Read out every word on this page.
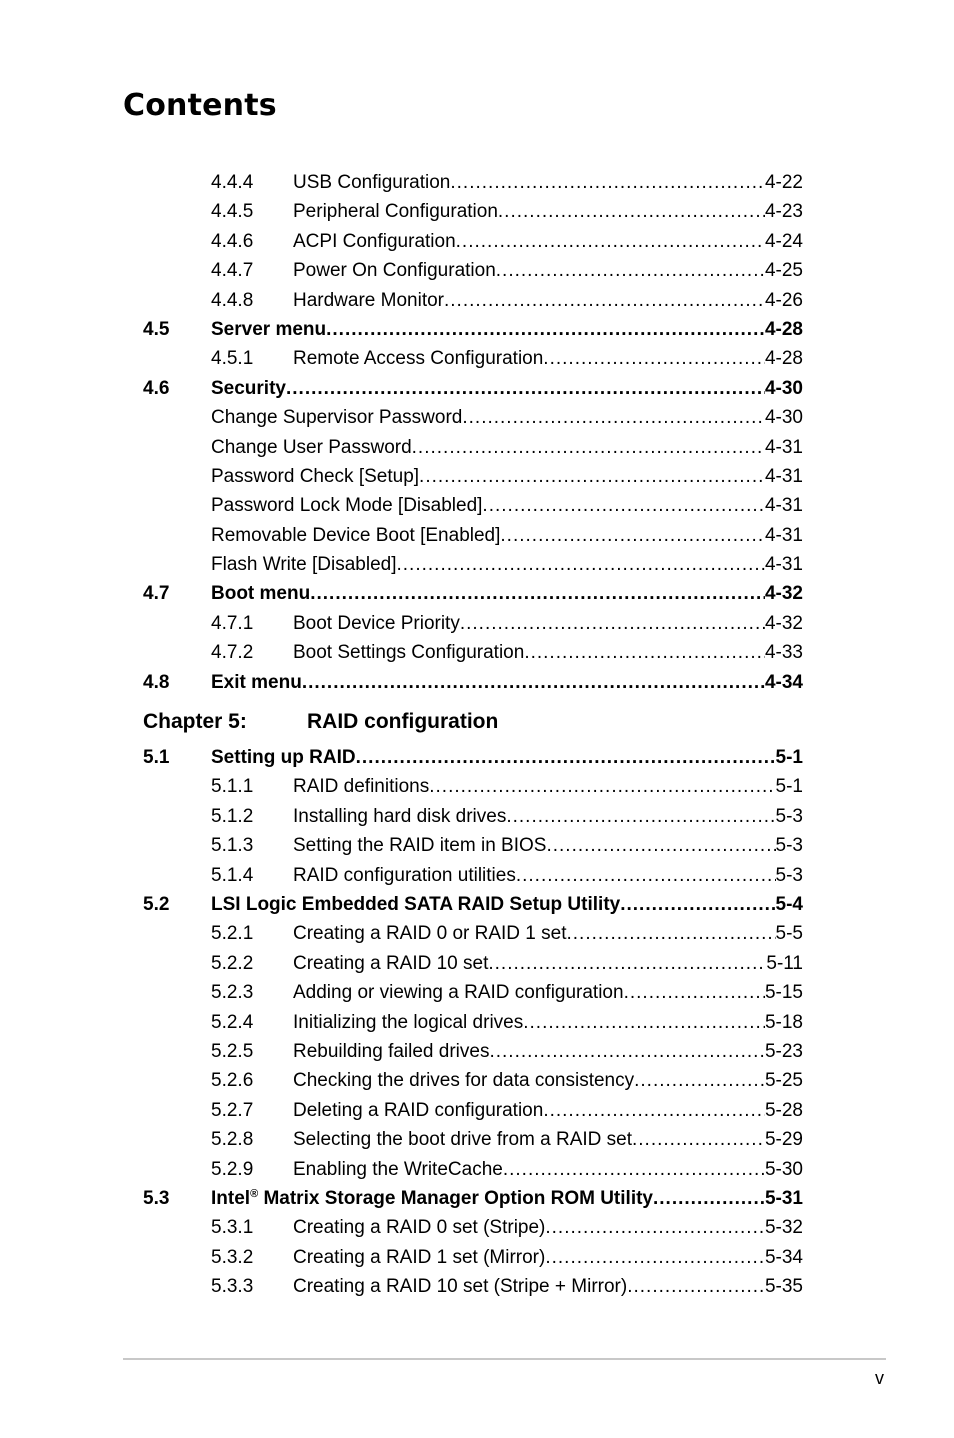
Contents
4.4.4 USB Configuration .....	4-22
4.4.5 Peripheral Configuration .....	4-23
4.4.6 ACPI Configuration .....	4-24
4.4.7 Power On Configuration .....	4-25
4.4.8 Hardware Monitor .....	4-26
4.5 Server menu .....	4-28
4.5.1 Remote Access Configuration .....	4-28
4.6 Security .....	4-30
Change Supervisor Password .....	4-30
Change User Password .....	4-31
Password Check [Setup] .....	4-31
Password Lock Mode [Disabled] .....	4-31
Removable Device Boot [Enabled] .....	4-31
Flash Write [Disabled] .....	4-31
4.7 Boot menu .....	4-32
4.7.1 Boot Device Priority .....	4-32
4.7.2 Boot Settings Configuration .....	4-33
4.8 Exit menu .....	4-34
Chapter 5:	RAID configuration
5.1 Setting up RAID .....	5-1
5.1.1 RAID definitions .....	5-1
5.1.2 Installing hard disk drives .....	5-3
5.1.3 Setting the RAID item in BIOS .....	5-3
5.1.4 RAID configuration utilities .....	5-3
5.2 LSI Logic Embedded SATA RAID Setup Utility .....	5-4
5.2.1 Creating a RAID 0 or RAID 1 set .....	5-5
5.2.2 Creating a RAID 10 set .....	5-11
5.2.3 Adding or viewing a RAID configuration .....	5-15
5.2.4 Initializing the logical drives .....	5-18
5.2.5 Rebuilding failed drives .....	5-23
5.2.6 Checking the drives for data consistency .....	5-25
5.2.7 Deleting a RAID configuration .....	5-28
5.2.8 Selecting the boot drive from a RAID set .....	5-29
5.2.9 Enabling the WriteCache .....	5-30
5.3 Intel® Matrix Storage Manager Option ROM Utility .....	5-31
5.3.1 Creating a RAID 0 set (Stripe) .....	5-32
5.3.2 Creating a RAID 1 set (Mirror) .....	5-34
5.3.3 Creating a RAID 10 set (Stripe + Mirror) .....	5-35
v
